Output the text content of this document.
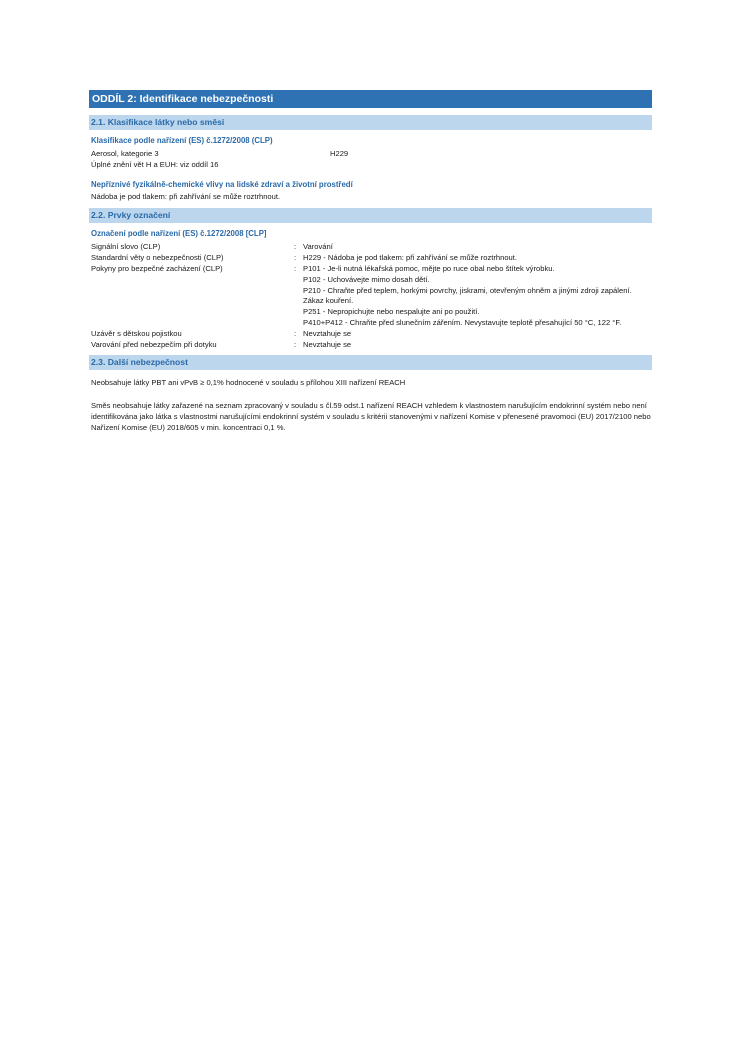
ODDÍL 2: Identifikace nebezpečnosti
2.1. Klasifikace látky nebo směsi
Klasifikace podle nařízení (ES) č.1272/2008 (CLP)
Aerosol, kategorie 3	H229
Úplné znění vět H a EUH: viz oddíl 16
Nepříznivé fyzikálně-chemické vlivy na lidské zdraví a životní prostředí
Nádoba je pod tlakem: při zahřívání se může roztrhnout.
2.2. Prvky označení
Označení podle nařízení (ES) č.1272/2008 [CLP]
Signální slovo (CLP)	: Varování
Standardní věty o nebezpečnosti (CLP)	: H229 - Nádoba je pod tlakem: při zahřívání se může roztrhnout.
Pokyny pro bezpečné zacházení (CLP)	: P101 - Je-li nutná lékařská pomoc, mějte po ruce obal nebo štítek výrobku.
P102 - Uchovávejte mimo dosah dětí.
P210 - Chraňte před teplem, horkými povrchy, jiskrami, otevřeným ohněm a jinými zdroji zapálení. Zákaz kouření.
P251 - Nepropichujte nebo nespalujte ani po použití.
P410+P412 - Chraňte před slunečním zářením. Nevystavujte teplotě přesahující 50 °C, 122 °F.
Uzávěr s dětskou pojistkou	: Nevztahuje se
Varování před nebezpečím při dotyku	: Nevztahuje se
2.3. Další nebezpečnost
Neobsahuje látky PBT ani vPvB ≥ 0,1% hodnocené v souladu s přílohou XIII nařízení REACH
Směs neobsahuje látky zařazené na seznam zpracovaný v souladu s čl.59 odst.1 nařízení REACH vzhledem k vlastnostem narušujícím endokrinní systém nebo není identifikována jako látka s vlastnostmi narušujícími endokrinní systém v souladu s kritérii stanovenými v nařízení Komise v přenesené pravomoci (EU) 2017/2100 nebo Nařízení Komise (EU) 2018/605 v min. koncentraci 0,1 %.
